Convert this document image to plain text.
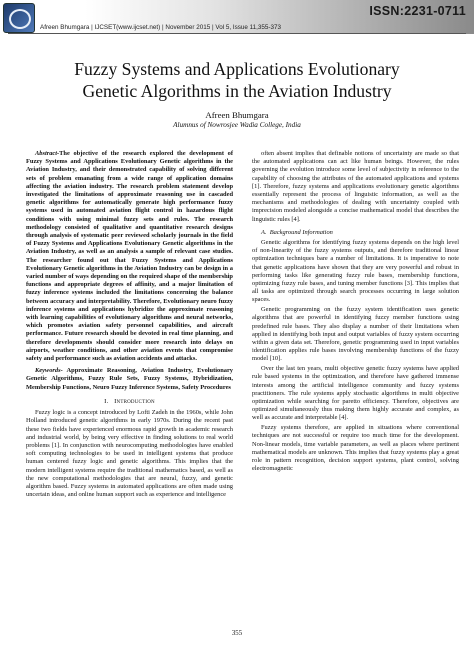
ISSN:2231-0711
Afreen Bhumgara | IJCSET(www.ijcset.net) | November 2015 | Vol 5, Issue 11,355-373
Fuzzy Systems and Applications Evolutionary
Genetic Algorithms in the Aviation Industry
Afreen Bhumgara
Alumnus of Nowrosjee Wadia College, India

Abstract-The objective of the research explored the development of Fuzzy Systems and Applications Evolutionary Genetic algorithms in the Aviation Industry, and their demonstrated capability of solving different sets of problem emanating from a wide range of application domains affecting the aviation industry. The research problem statement develop investigated the limitations of approximate reasoning use in cascaded genetic algorithms for automatically generate high performance fuzzy systems used in automated aviation flight control in hazardous flight conditions with using minimal fuzzy sets and rules. The research methodology consisted of qualitative and quantitative research designs through analysis of systematic peer reviewed scholarly journals in the field of Fuzzy Systems and Applications Evolutionary Genetic algorithms in the Aviation Industry, as well as an analysis a sample of relevant case studies. The researcher found out that Fuzzy Systems and Applications Evolutionary Genetic algorithms in the Aviation Industry can be design in a varied number of ways depending on the required shape of the membership functions and appropriate degrees of affinity, and a major limitation of fuzzy inference systems included the limitations concerning the balance between accuracy and interpretability. Therefore, Evolutionary neuro fuzzy inference systems and applications hybridize the approximate reasoning with learning capabilities of evolutionary algorithms and neural networks, which promotes aviation safety personnel capabilities, and aircraft performance. Future research should be devoted in real time planning, and therefore developments should consider more research into delays on airports, weather conditions, and other aviation events that compromise safety and performance such as aviation accidents and attacks.

Keywords- Approximate Reasoning, Aviation Industry, Evolutionary Genetic Algorithms, Fuzzy Rule Sets, Fuzzy Systems, Hybridization, Membership Functions, Neuro Fuzzy Inference Systems, Safety Procedures

I. Introduction

Fuzzy logic is a concept introduced by Lofti Zadeh in the 1960s, while John Holland introduced genetic algorithms in early 1970s. During the recent past these two fields have experienced enormous rapid growth in academic research and industrial world, by being very effective in finding solutions to real world problems [1]. In conjunction with neurocomputing methodologies have enabled soft computing technologies to be used in intelligent systems that produce human centered fuzzy logic and genetic algorithms. This implies that the modern intelligent systems require the traditional mathematics based, as well as the new computational methodologies that are neural, fuzzy, and genetic algorithm based. Fuzzy systems in automated applications are often made using uncertain ideas, and online human support such as experience and intelligence

often absent implies that definable notions of uncertainty are made so that the automated applications can act like human beings. However, the rules governing the evolution introduce some level of subjectivity in reference to the capability of choosing the attributes of the automated applications and systems [1]. Therefore, fuzzy systems and applications evolutionary genetic algorithms essentially represent the process of linguistic information, as well as the mechanisms and methodologies of dealing with uncertainty coupled with imprecision modeled alongside a concise mathematical model that describes the linguistic rules [4].

A. Background Information

Genetic algorithms for identifying fuzzy systems depends on the high level of non-linearity of the fuzzy systems outputs, and therefore traditional linear optimization techniques bare a number of limitations. It is imperative to note that genetic applications have shown that they are very powerful and robust in performing tasks like generating fuzzy rule bases, membership functions, optimizing fuzzy rule bases, and tuning member functions [3]. This implies that all tasks are optimized through search processes occurring in large solution spaces.

Genetic programming on the fuzzy system identification uses genetic algorithms that are powerful in identifying fuzzy member functions using predefined rule bases. They also display a number of their limitations when applied in identifying both input and output variables of fuzzy system occurring within a given data set. Therefore, genetic programming used in input variables identification applies rule bases involving membership functions of the fuzzy model [10].

Over the last ten years, multi objective genetic fuzzy systems have applied rule based systems in the optimization, and therefore have gathered immense interests among the artificial intelligence community and fuzzy systems practitioners. The rule systems apply stochastic algorithms in multi objective optimization while searching for paretto efficiency. Therefore, objectives are optimized simultaneously thus making them highly accurate and complex, as well as accurate and interpretable [4].

Fuzzy systems therefore, are applied in situations where conventional techniques are not successful or require too much time for the development. Non-linear models, time variable parameters, as well as places where pertinent mathematical models are unknown. This implies that fuzzy systems play a great role in pattern recognition, decision support systems, plant control, solving electromagnetic

355
